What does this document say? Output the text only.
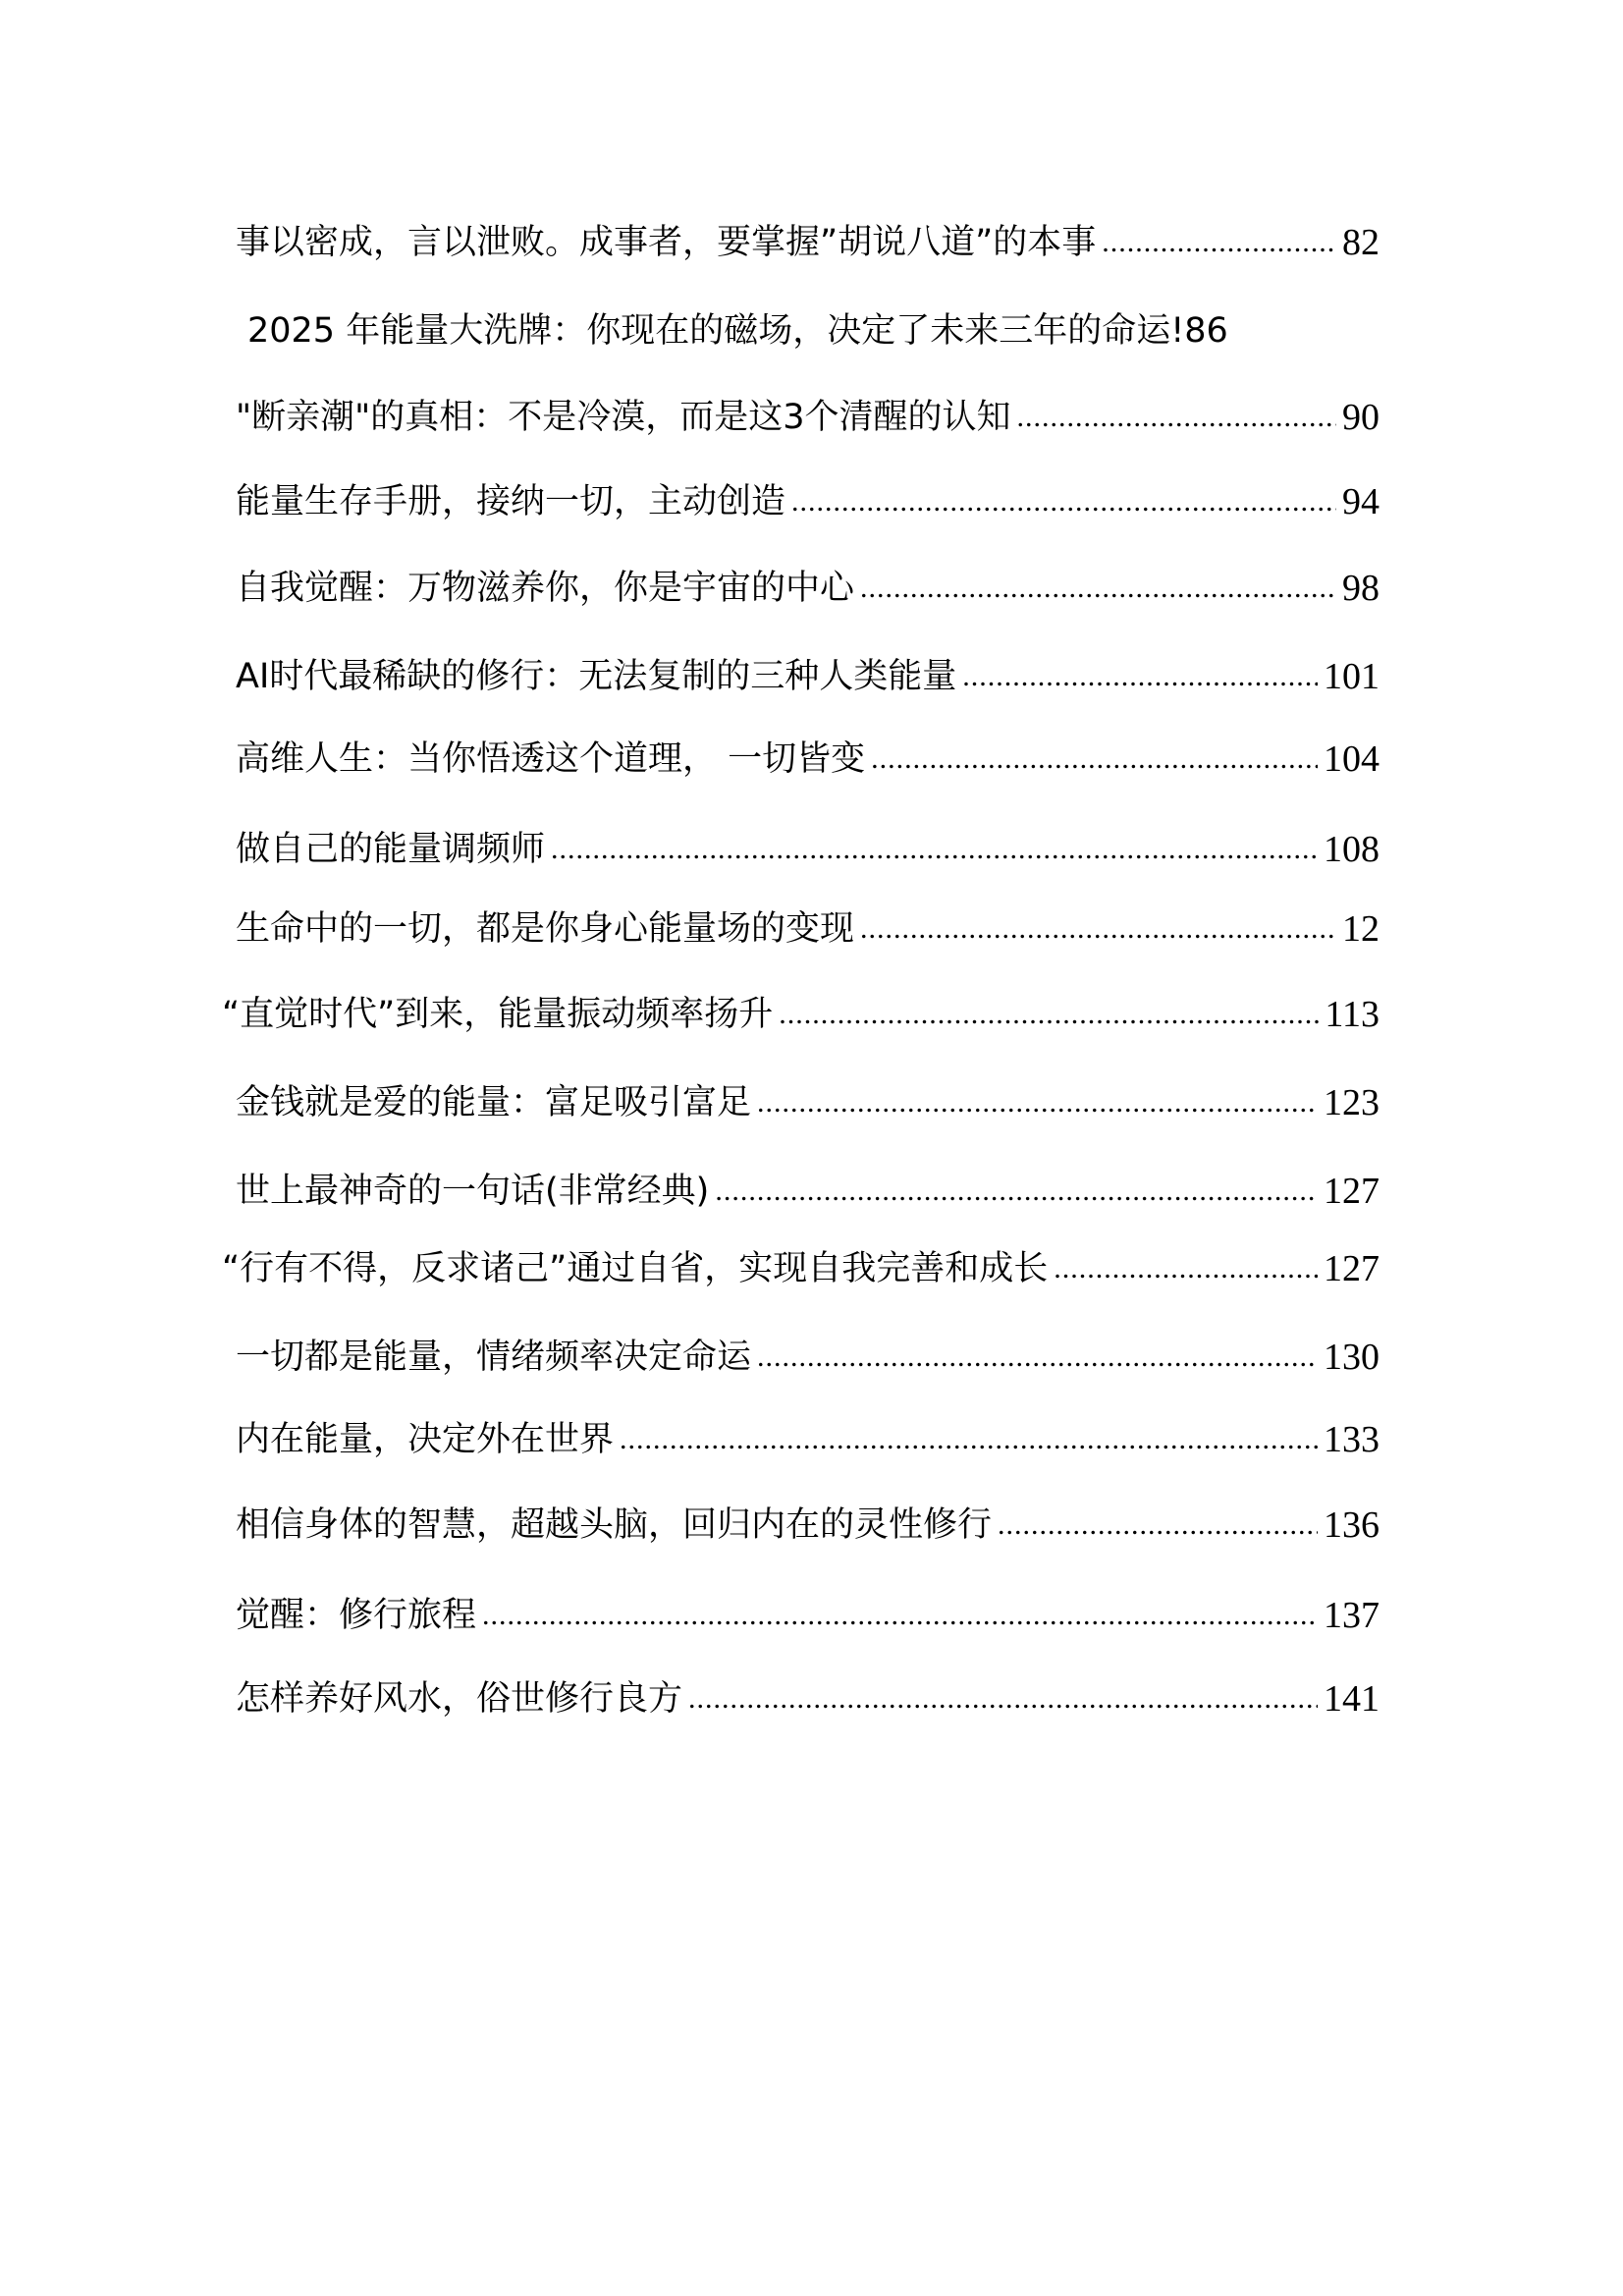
事以密成，言以泄败。成事者，要掌握”胡说八道”的本事 .....	82
2025 年能量大洗牌：你现在的磁场，决定了未来三年的命运! 86
"断亲潮"的真相：不是冷漠，而是这3个清醒的认知 .....	90
能量生存手册，接纳一切，主动创造 .....	94
自我觉醒：万物滋养你，你是宇宙的中心 .....	98
AI时代最稀缺的修行：无法复制的三种人类能量 .....	101
高维人生：当你悟透这个道理， 一切皆变 .....	104
做自己的能量调频师 .....	108
生命中的一切，都是你身心能量场的变现 .....	12
“直觉时代”到来，能量振动频率扬升 .....	113
金钱就是爱的能量：富足吸引富足 .....	123
世上最神奇的一句话(非常经典) .....	127
“行有不得，反求诸己”通过自省，实现自我完善和成长 .....	127
一切都是能量，情绪频率决定命运 .....	130
内在能量，决定外在世界 .....	133
相信身体的智慧，超越头脑，回归内在的灵性修行 .....	136
觉醒：修行旅程 .....	137
怎样养好风水，俗世修行良方 .....	141
